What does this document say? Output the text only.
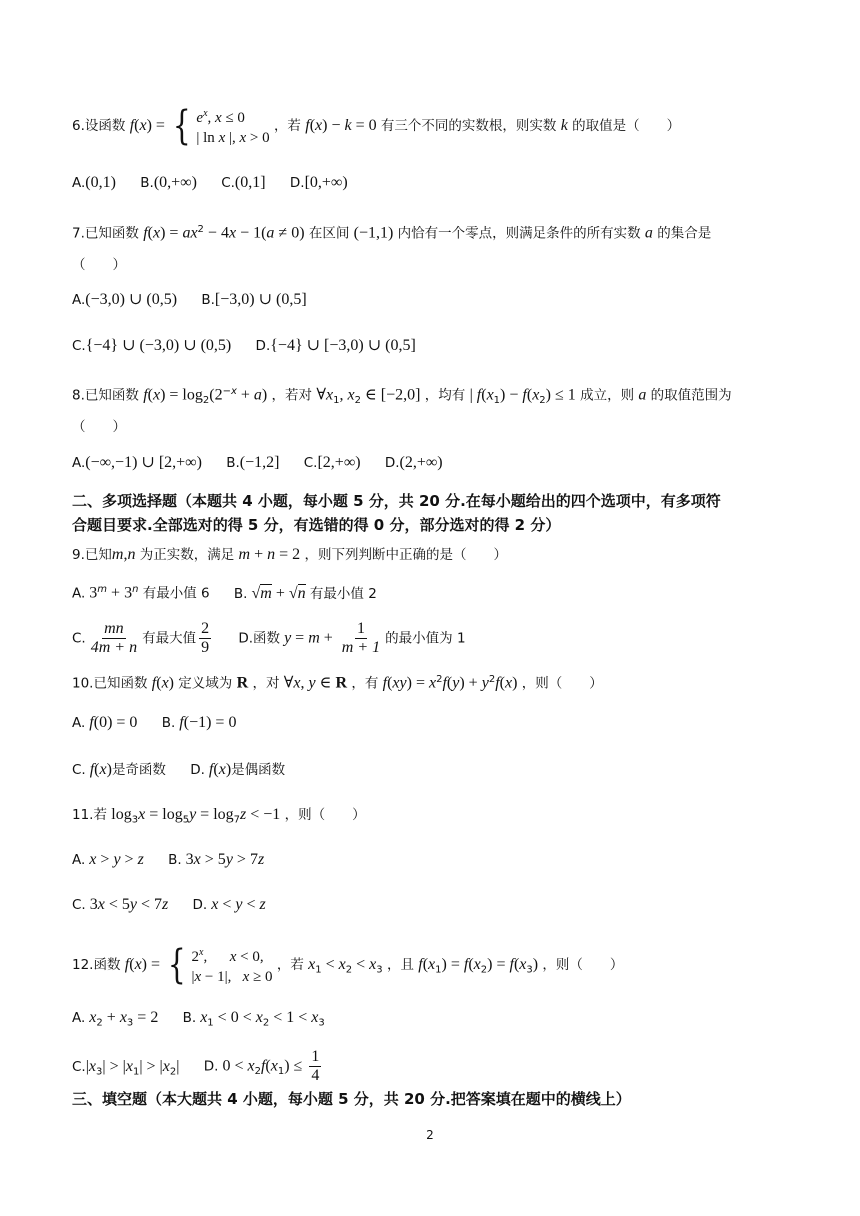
6.设函数 f(x) = { $e^x$, x ≤ 0
| ln x |, x > 0
，若 f(x) − k = 0 有三个不同的实数根，则实数 k 的取值是（　　）
A.(0,1) B.(0,+∞) C.(0,1] D.[0,+∞)
7.已知函数 $f(x) = ax^2 - 4x - 1(a \ne 0)$ 在区间 (−1,1) 内恰有一个零点，则满足条件的所有实数 a 的集合是
（　　）
A.(−3,0) ∪ (0,5) B.[−3,0) ∪ (0,5]
C.{−4} ∪ (−3,0) ∪ (0,5) D.{−4} ∪ [−3,0) ∪ (0,5]
8.已知函数 $f(x) = \log_2(2^{-x} + a)$ ，若对 $\forall x_1$, $x_2$ ∈ [−2,0] ，均有 | $f(x_1) - f(x_2) \le 1$ 成立，则 a 的取值范围为
（　　）
A.(−∞,−1) ∪ [2,+∞) B.(−1,2] C.[2,+∞) D.(2,+∞)
二、多项选择题（本题共 4 小题，每小题 5 分，共 20 分.在每小题给出的四个选项中，有多项符
合题目要求.全部选对的得 5 分，有选错的得 0 分，部分选对的得 2 分）
9.已知m,n 为正实数，满足 m + n = 2 ，则下列判断中正确的是（　　）
A. $3^m + 3^n$ 有最小值 6 B. √m + √n 有最小值 2
C. $\frac{mn}{4m + n}$ 有最大值 $\frac{2}{9} D$.函数 $y = m + \frac{1}{m + 1}$ 的最小值为 1
10.已知函数 f(x) 定义域为 R ，对 ∀x, y ∈ R ，有 $f(xy) = x^2f(y) + y^2f(x)$ ，则（　　）
A. f(0) = 0 B. f(−1) = 0
C. f(x)是奇函数 D. f(x)是偶函数
11.若 $\log_3x = \log_5y = \log_7z < -1$ ，则（　　）
A. x > y > z B. 3x > 5y > 7z
C. 3x < 5y < 7z D. x < y < z
12.函数 f(x) = { 2$^x$,      x < 0,
|x − 1|,   x ≥ 0
，若 $x_1 < x_2 < x_3$ ，且 $f(x_1) = f(x_2) = f(x_3)$ ，则（　　）
A. $x_2 + x_3 = 2$ B. $x_1 < 0 < x_2 < 1 < x_3$
$C.|x_3| > |x_1| > |x_2|$ D. $0 < x_2f(x_1) \le \frac{1}{4}$
三、填空题（本大题共 4 小题，每小题 5 分，共 20 分.把答案填在题中的横线上）
2
